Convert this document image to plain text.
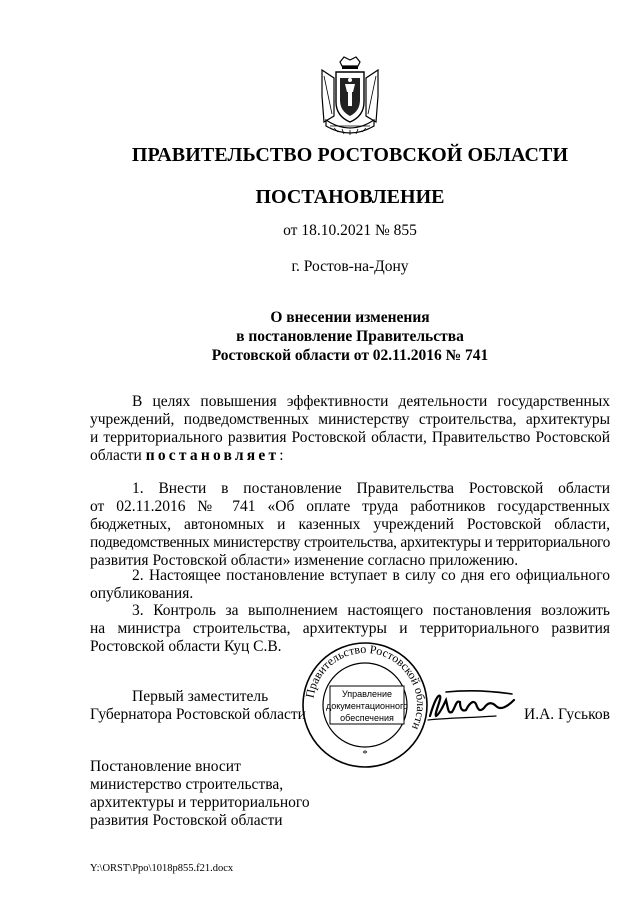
ПРАВИТЕЛЬСТВО РОСТОВСКОЙ ОБЛАСТИ
ПОСТАНОВЛЕНИЕ
от 18.10.2021 № 855
г. Ростов-на-Дону
О внесении изменения
в постановление Правительства
Ростовской области от 02.11.2016 № 741
В целях повышения эффективности деятельности государственных
учреждений, подведомственных министерству строительства, архитектуры
и территориального развития Ростовской области, Правительство Ростовской
области постановляет:
1. Внести в постановление Правительства Ростовской области
от 02.11.2016 № 741 «Об оплате труда работников государственных
бюджетных, автономных и казенных учреждений Ростовской области,
подведомственных министерству строительства, архитектуры и территориального
развития Ростовской области» изменение согласно приложению.
2. Настоящее постановление вступает в силу со дня его официального
опубликования.
3. Контроль за выполнением настоящего постановления возложить
на министра строительства, архитектуры и территориального развития
Ростовской области Куц С.В.
Правительство Ростовской области
Управление
документационного
обеспечения
*
Первый заместитель
Губернатора Ростовской области	И.А. Гуськов
Постановление вносит
министерство строительства,
архитектуры и территориального
развития Ростовской области
Y:\ORST\Ppo\1018p855.f21.docx
